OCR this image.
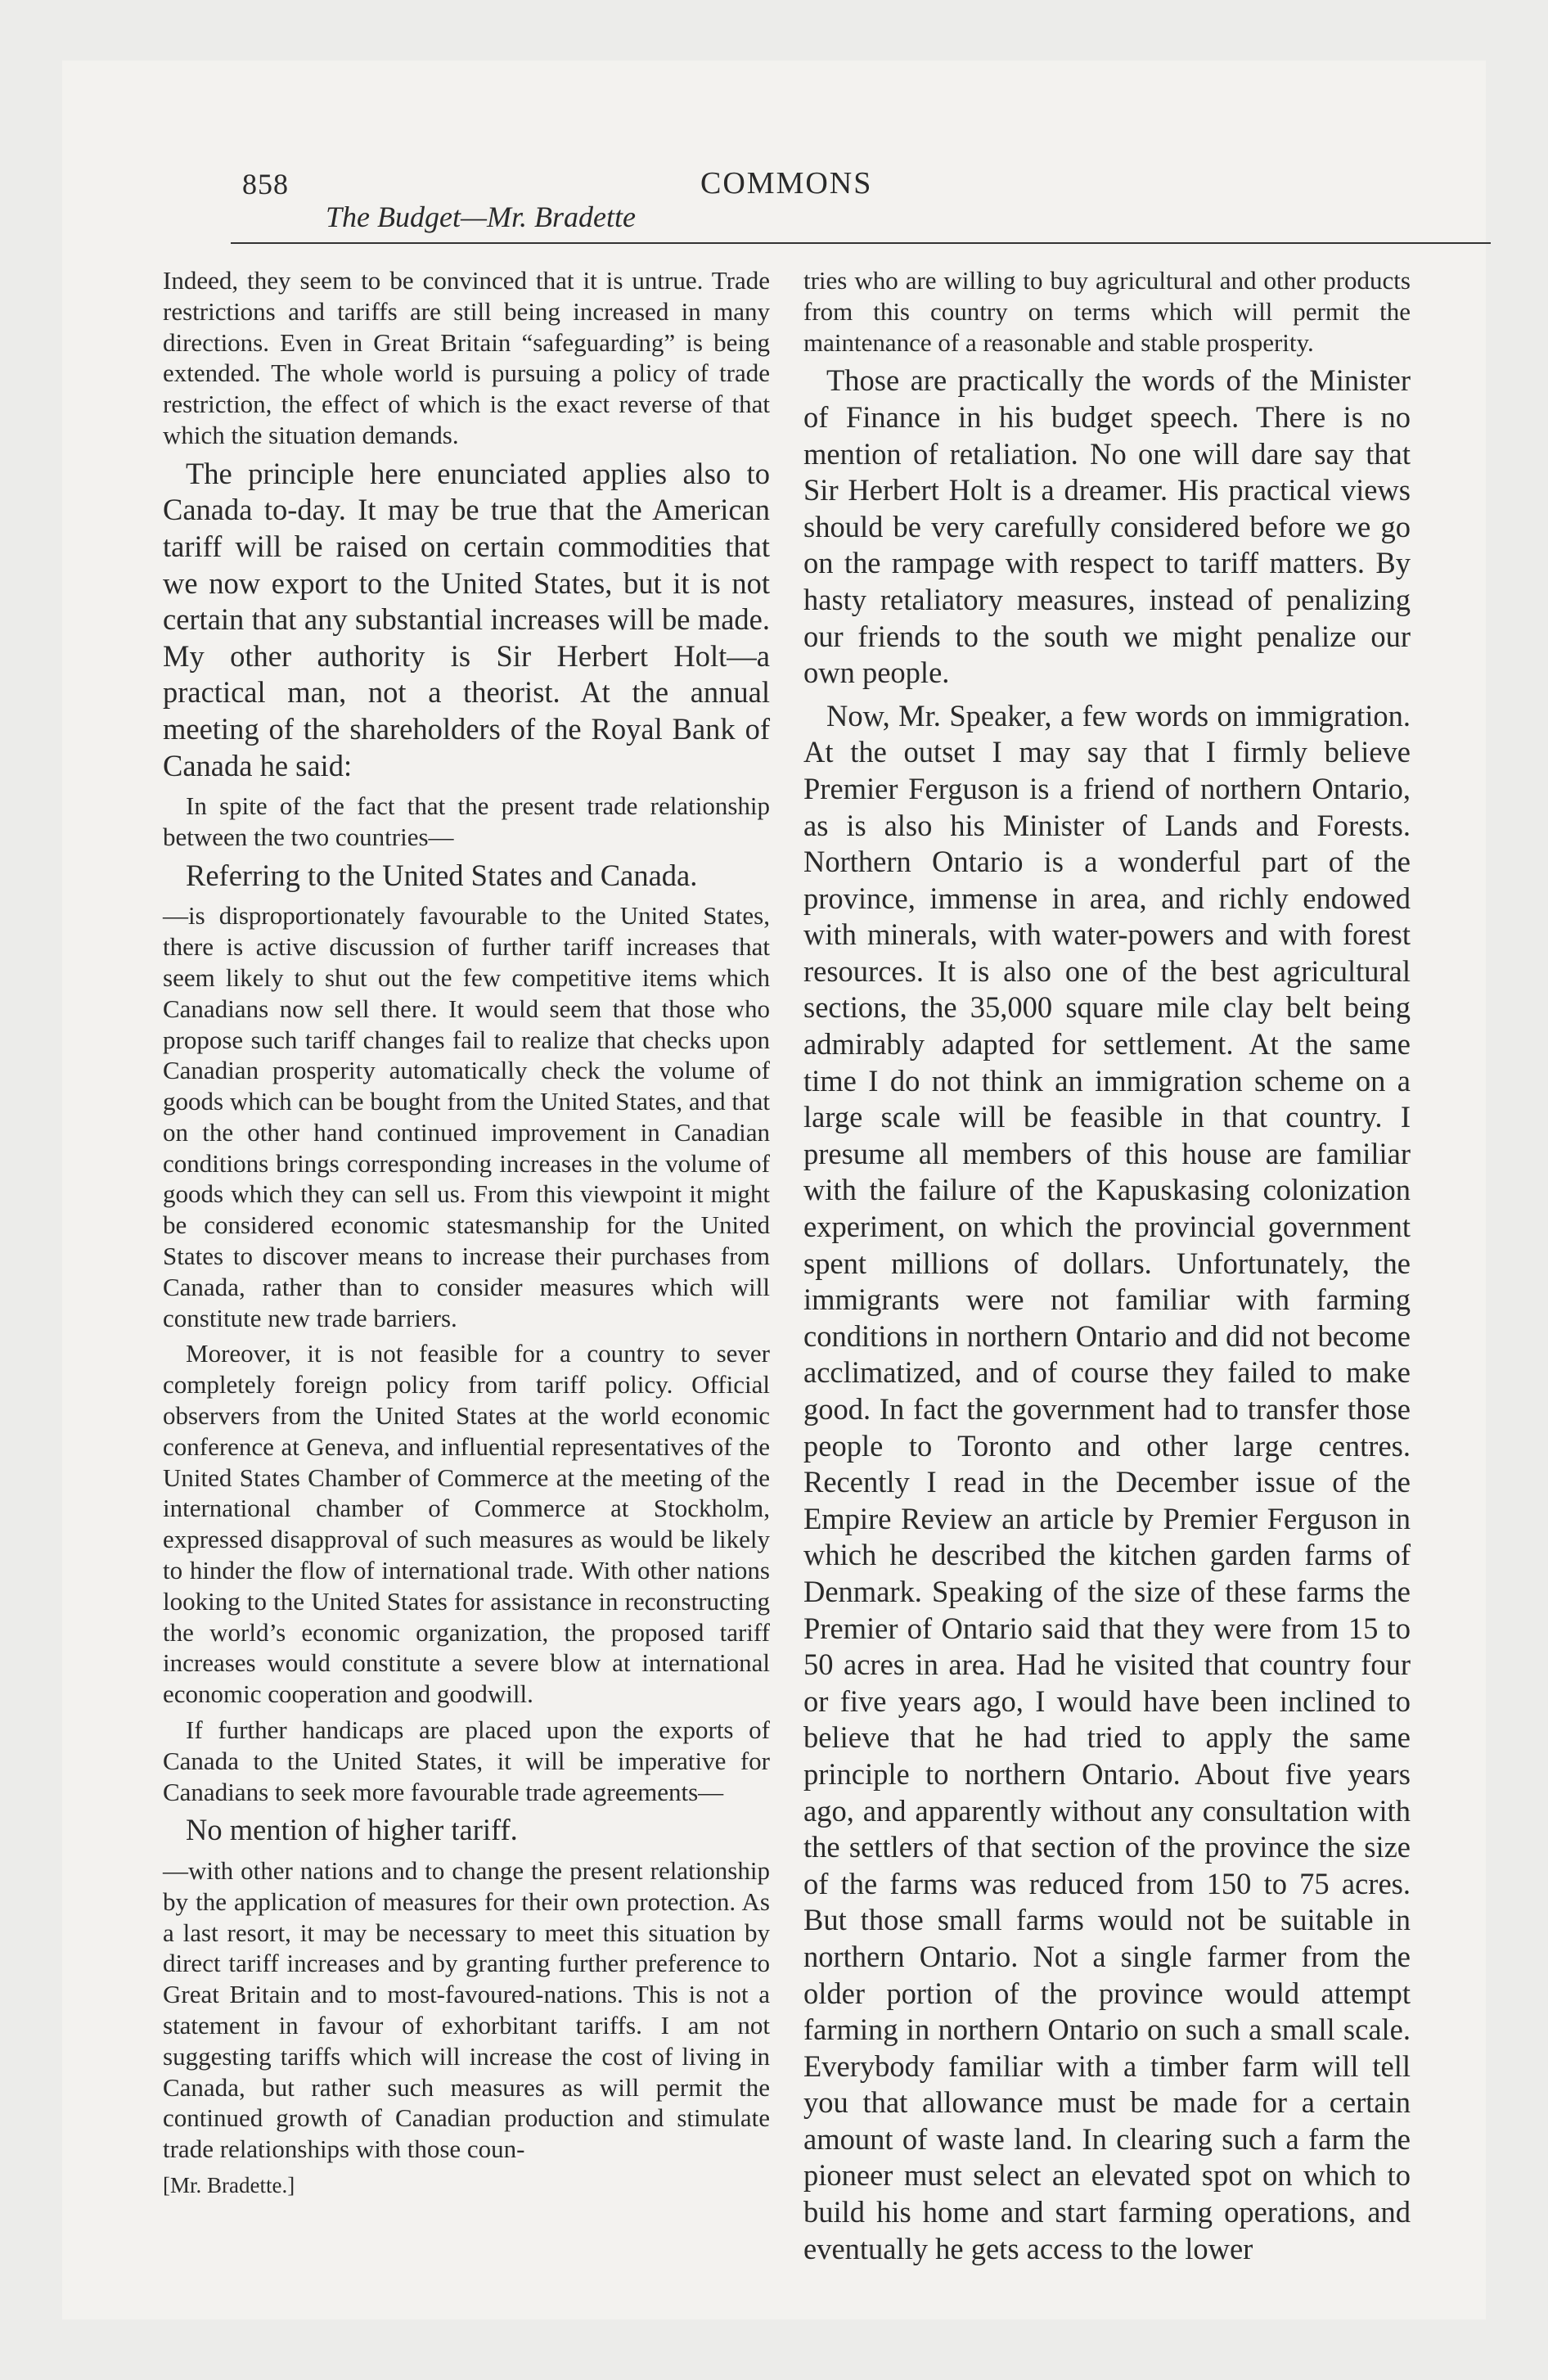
858
The Budget—Mr. Bradette
COMMONS

Indeed, they seem to be convinced that it is untrue. Trade restrictions and tariffs are still being increased in many directions. Even in Great Britain “safeguarding” is being extended. The whole world is pursuing a policy of trade restriction, the effect of which is the exact reverse of that which the situation demands.

The principle here enunciated applies also to Canada to-day. It may be true that the American tariff will be raised on certain commodities that we now export to the United States, but it is not certain that any substantial increases will be made. My other authority is Sir Herbert Holt—a practical man, not a theorist. At the annual meeting of the shareholders of the Royal Bank of Canada he said:

In spite of the fact that the present trade relationship between the two countries—

Referring to the United States and Canada.

—is disproportionately favourable to the United States, there is active discussion of further tariff increases that seem likely to shut out the few competitive items which Canadians now sell there. It would seem that those who propose such tariff changes fail to realize that checks upon Canadian prosperity automatically check the volume of goods which can be bought from the United States, and that on the other hand continued improvement in Canadian conditions brings corresponding increases in the volume of goods which they can sell us. From this viewpoint it might be considered economic statesmanship for the United States to discover means to increase their purchases from Canada, rather than to consider measures which will constitute new trade barriers.

Moreover, it is not feasible for a country to sever completely foreign policy from tariff policy. Official observers from the United States at the world economic conference at Geneva, and influential representatives of the United States Chamber of Commerce at the meeting of the international chamber of Commerce at Stockholm, expressed disapproval of such measures as would be likely to hinder the flow of international trade. With other nations looking to the United States for assistance in reconstructing the world’s economic organization, the proposed tariff increases would constitute a severe blow at international economic cooperation and goodwill.

If further handicaps are placed upon the exports of Canada to the United States, it will be imperative for Canadians to seek more favourable trade agreements—

No mention of higher tariff.

—with other nations and to change the present relationship by the application of measures for their own protection. As a last resort, it may be necessary to meet this situation by direct tariff increases and by granting further preference to Great Britain and to most-favoured-nations. This is not a statement in favour of exhorbitant tariffs. I am not suggesting tariffs which will increase the cost of living in Canada, but rather such measures as will permit the continued growth of Canadian production and stimulate trade relationships with those coun-

[Mr. Bradette.]

tries who are willing to buy agricultural and other products from this country on terms which will permit the maintenance of a reasonable and stable prosperity.

Those are practically the words of the Minister of Finance in his budget speech. There is no mention of retaliation. No one will dare say that Sir Herbert Holt is a dreamer. His practical views should be very carefully considered before we go on the rampage with respect to tariff matters. By hasty retaliatory measures, instead of penalizing our friends to the south we might penalize our own people.

Now, Mr. Speaker, a few words on immigration. At the outset I may say that I firmly believe Premier Ferguson is a friend of northern Ontario, as is also his Minister of Lands and Forests. Northern Ontario is a wonderful part of the province, immense in area, and richly endowed with minerals, with water-powers and with forest resources. It is also one of the best agricultural sections, the 35,000 square mile clay belt being admirably adapted for settlement. At the same time I do not think an immigration scheme on a large scale will be feasible in that country. I presume all members of this house are familiar with the failure of the Kapuskasing colonization experiment, on which the provincial government spent millions of dollars. Unfortunately, the immigrants were not familiar with farming conditions in northern Ontario and did not become acclimatized, and of course they failed to make good. In fact the government had to transfer those people to Toronto and other large centres. Recently I read in the December issue of the Empire Review an article by Premier Ferguson in which he described the kitchen garden farms of Denmark. Speaking of the size of these farms the Premier of Ontario said that they were from 15 to 50 acres in area. Had he visited that country four or five years ago, I would have been inclined to believe that he had tried to apply the same principle to northern Ontario. About five years ago, and apparently without any consultation with the settlers of that section of the province the size of the farms was reduced from 150 to 75 acres. But those small farms would not be suitable in northern Ontario. Not a single farmer from the older portion of the province would attempt farming in northern Ontario on such a small scale. Everybody familiar with a timber farm will tell you that allowance must be made for a certain amount of waste land. In clearing such a farm the pioneer must select an elevated spot on which to build his home and start farming operations, and eventually he gets access to the lower
